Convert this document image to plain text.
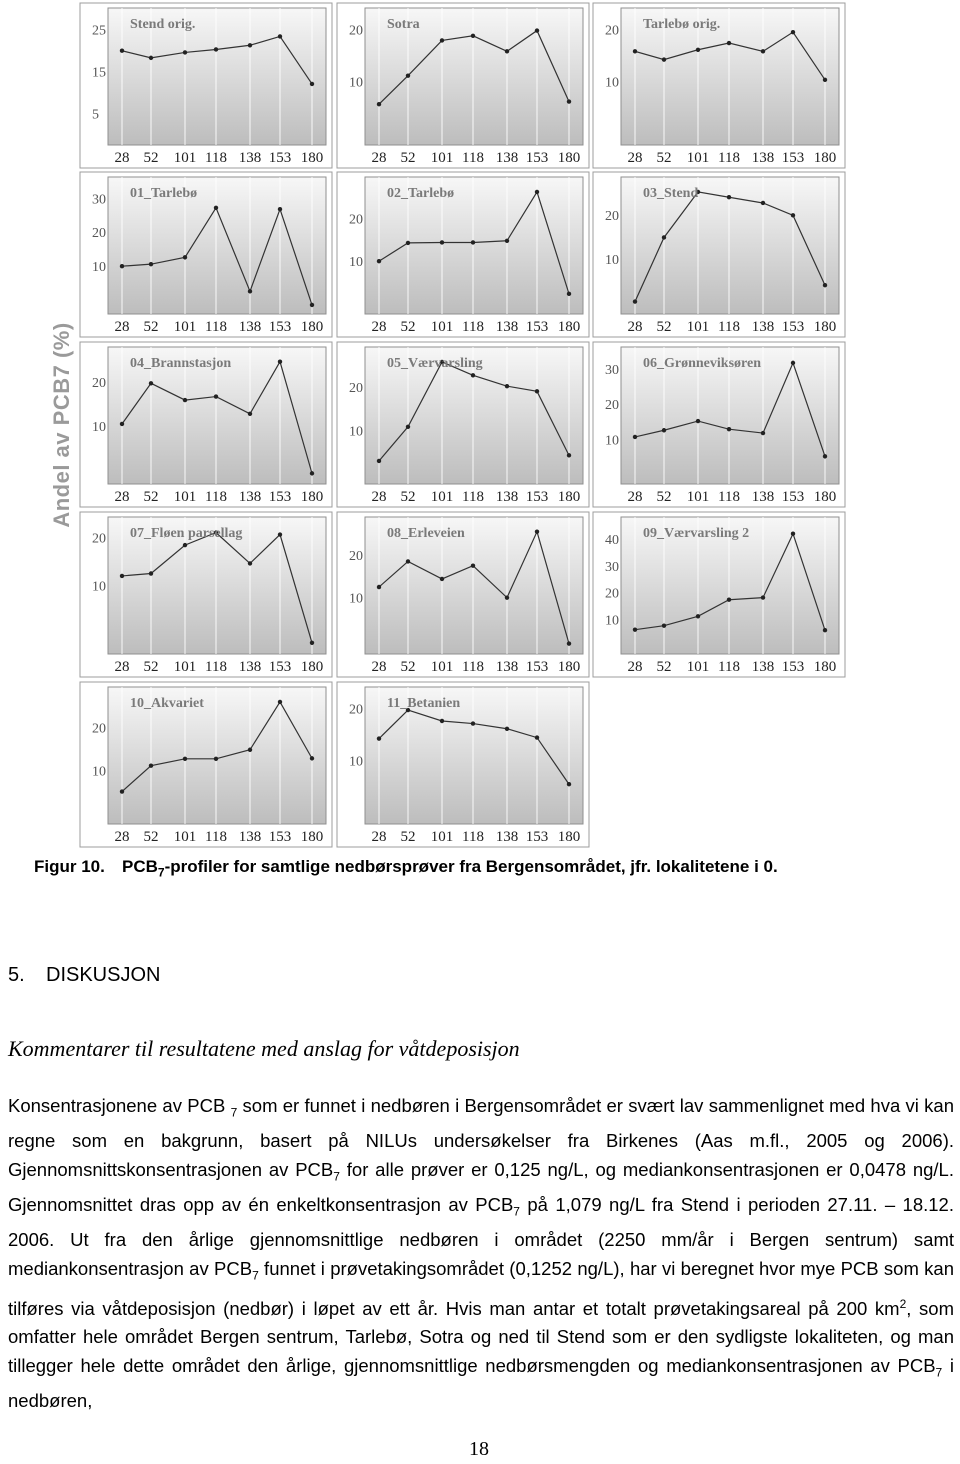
25
15
5
Stend orig.
28 52 101 118 138 153 180
20
10
Sotra
28 52 101 118 138 153 180
20
10
Tarlebø orig.
28 52 101 118 138 153 180
30
20
10
01_Tarlebø
28 52 101 118 138 153 180
20
10
02_Tarlebø
28 52 101 118 138 153 180
20
10
03_Stend
28 52 101 118 138 153 180
20
10
04_Brannstasjon
28 52 101 118 138 153 180
20
10
05_Værvarsling
28 52 101 118 138 153 180
30
20
10
06_Grønneviksøren
28 52 101 118 138 153 180
20
10
07_Fløen parsellag
28 52 101 118 138 153 180
20
10
08_Erleveien
28 52 101 118 138 153 180
40
30
20
10
09_Værvarsling 2
28 52 101 118 138 153 180
20
10
10_Akvariet
28 52 101 118 138 153 180
20
10
11_Betanien
28 52 101 118 138 153 180
Andel av PCB7 (%)
Figur 10. $PCB_7$-profiler for samtlige nedbørsprøver fra Bergensområdet, jfr. lokalitetene i 0.
5. DISKUSJON
Kommentarer til resultatene med anslag for våtdeposisjon
Konsentrasjonene av PCB $_7$ som er funnet i nedbøren i Bergensområdet er svært lav sammenlignet med hva vi kan regne som en bakgrunn, basert på NILUs undersøkelser fra Birkenes (Aas m.fl., 2005 og 2006). Gjennomsnittskonsentrasjonen av $PCB_7$ for alle prøver er 0,125 ng/L, og mediankonsentrasjonen er 0,0478 ng/L. Gjennomsnittet dras opp av én enkeltkonsentrasjon av $PCB_7$ på 1,079 ng/L fra Stend i perioden 27.11. – 18.12. 2006. Ut fra den årlige gjennomsnittlige nedbøren i området (2250 mm/år i Bergen sentrum) samt mediankonsentrasjon av $PCB_7$ funnet i prøvetakingsområdet (0,1252 ng/L), har vi beregnet hvor mye PCB som kan tilføres via våtdeposisjon (nedbør) i løpet av ett år. Hvis man antar et totalt prøvetakingsareal på 200 $km^2$, som omfatter hele området Bergen sentrum, Tarlebø, Sotra og ned til Stend som er den sydligste lokaliteten, og man tillegger hele dette området den årlige, gjennomsnittlige nedbørsmengden og mediankonsentrasjonen av $PCB_7$ i nedbøren,
18
